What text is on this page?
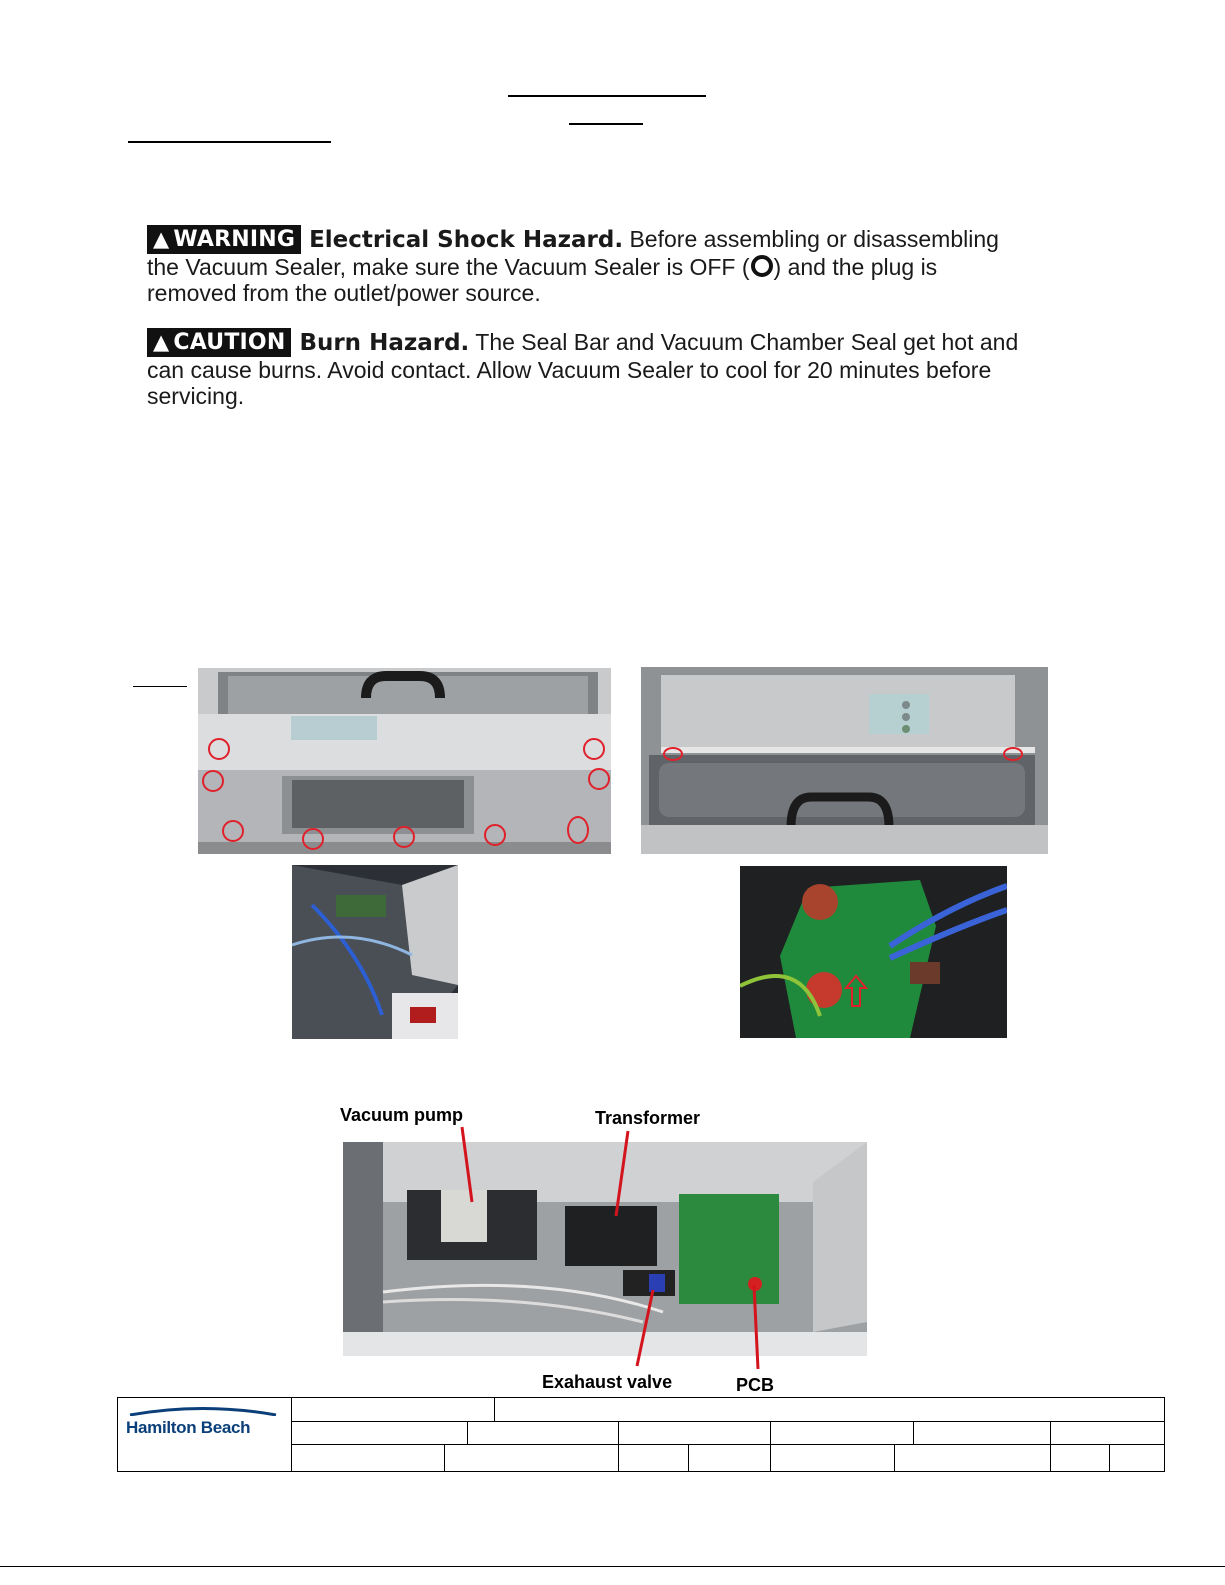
▲ WARNING Electrical Shock Hazard. Before assembling or disassembling the Vacuum Sealer, make sure the Vacuum Sealer is OFF ( ) and the plug is removed from the outlet/power source.
▲ CAUTION Burn Hazard. The Seal Bar and Vacuum Chamber Seal get hot and can cause burns. Avoid contact. Allow Vacuum Sealer to cool for 20 minutes before servicing.
Vacuum pump	Transformer
Exahaust valve	PCB
Hamilton Beach
